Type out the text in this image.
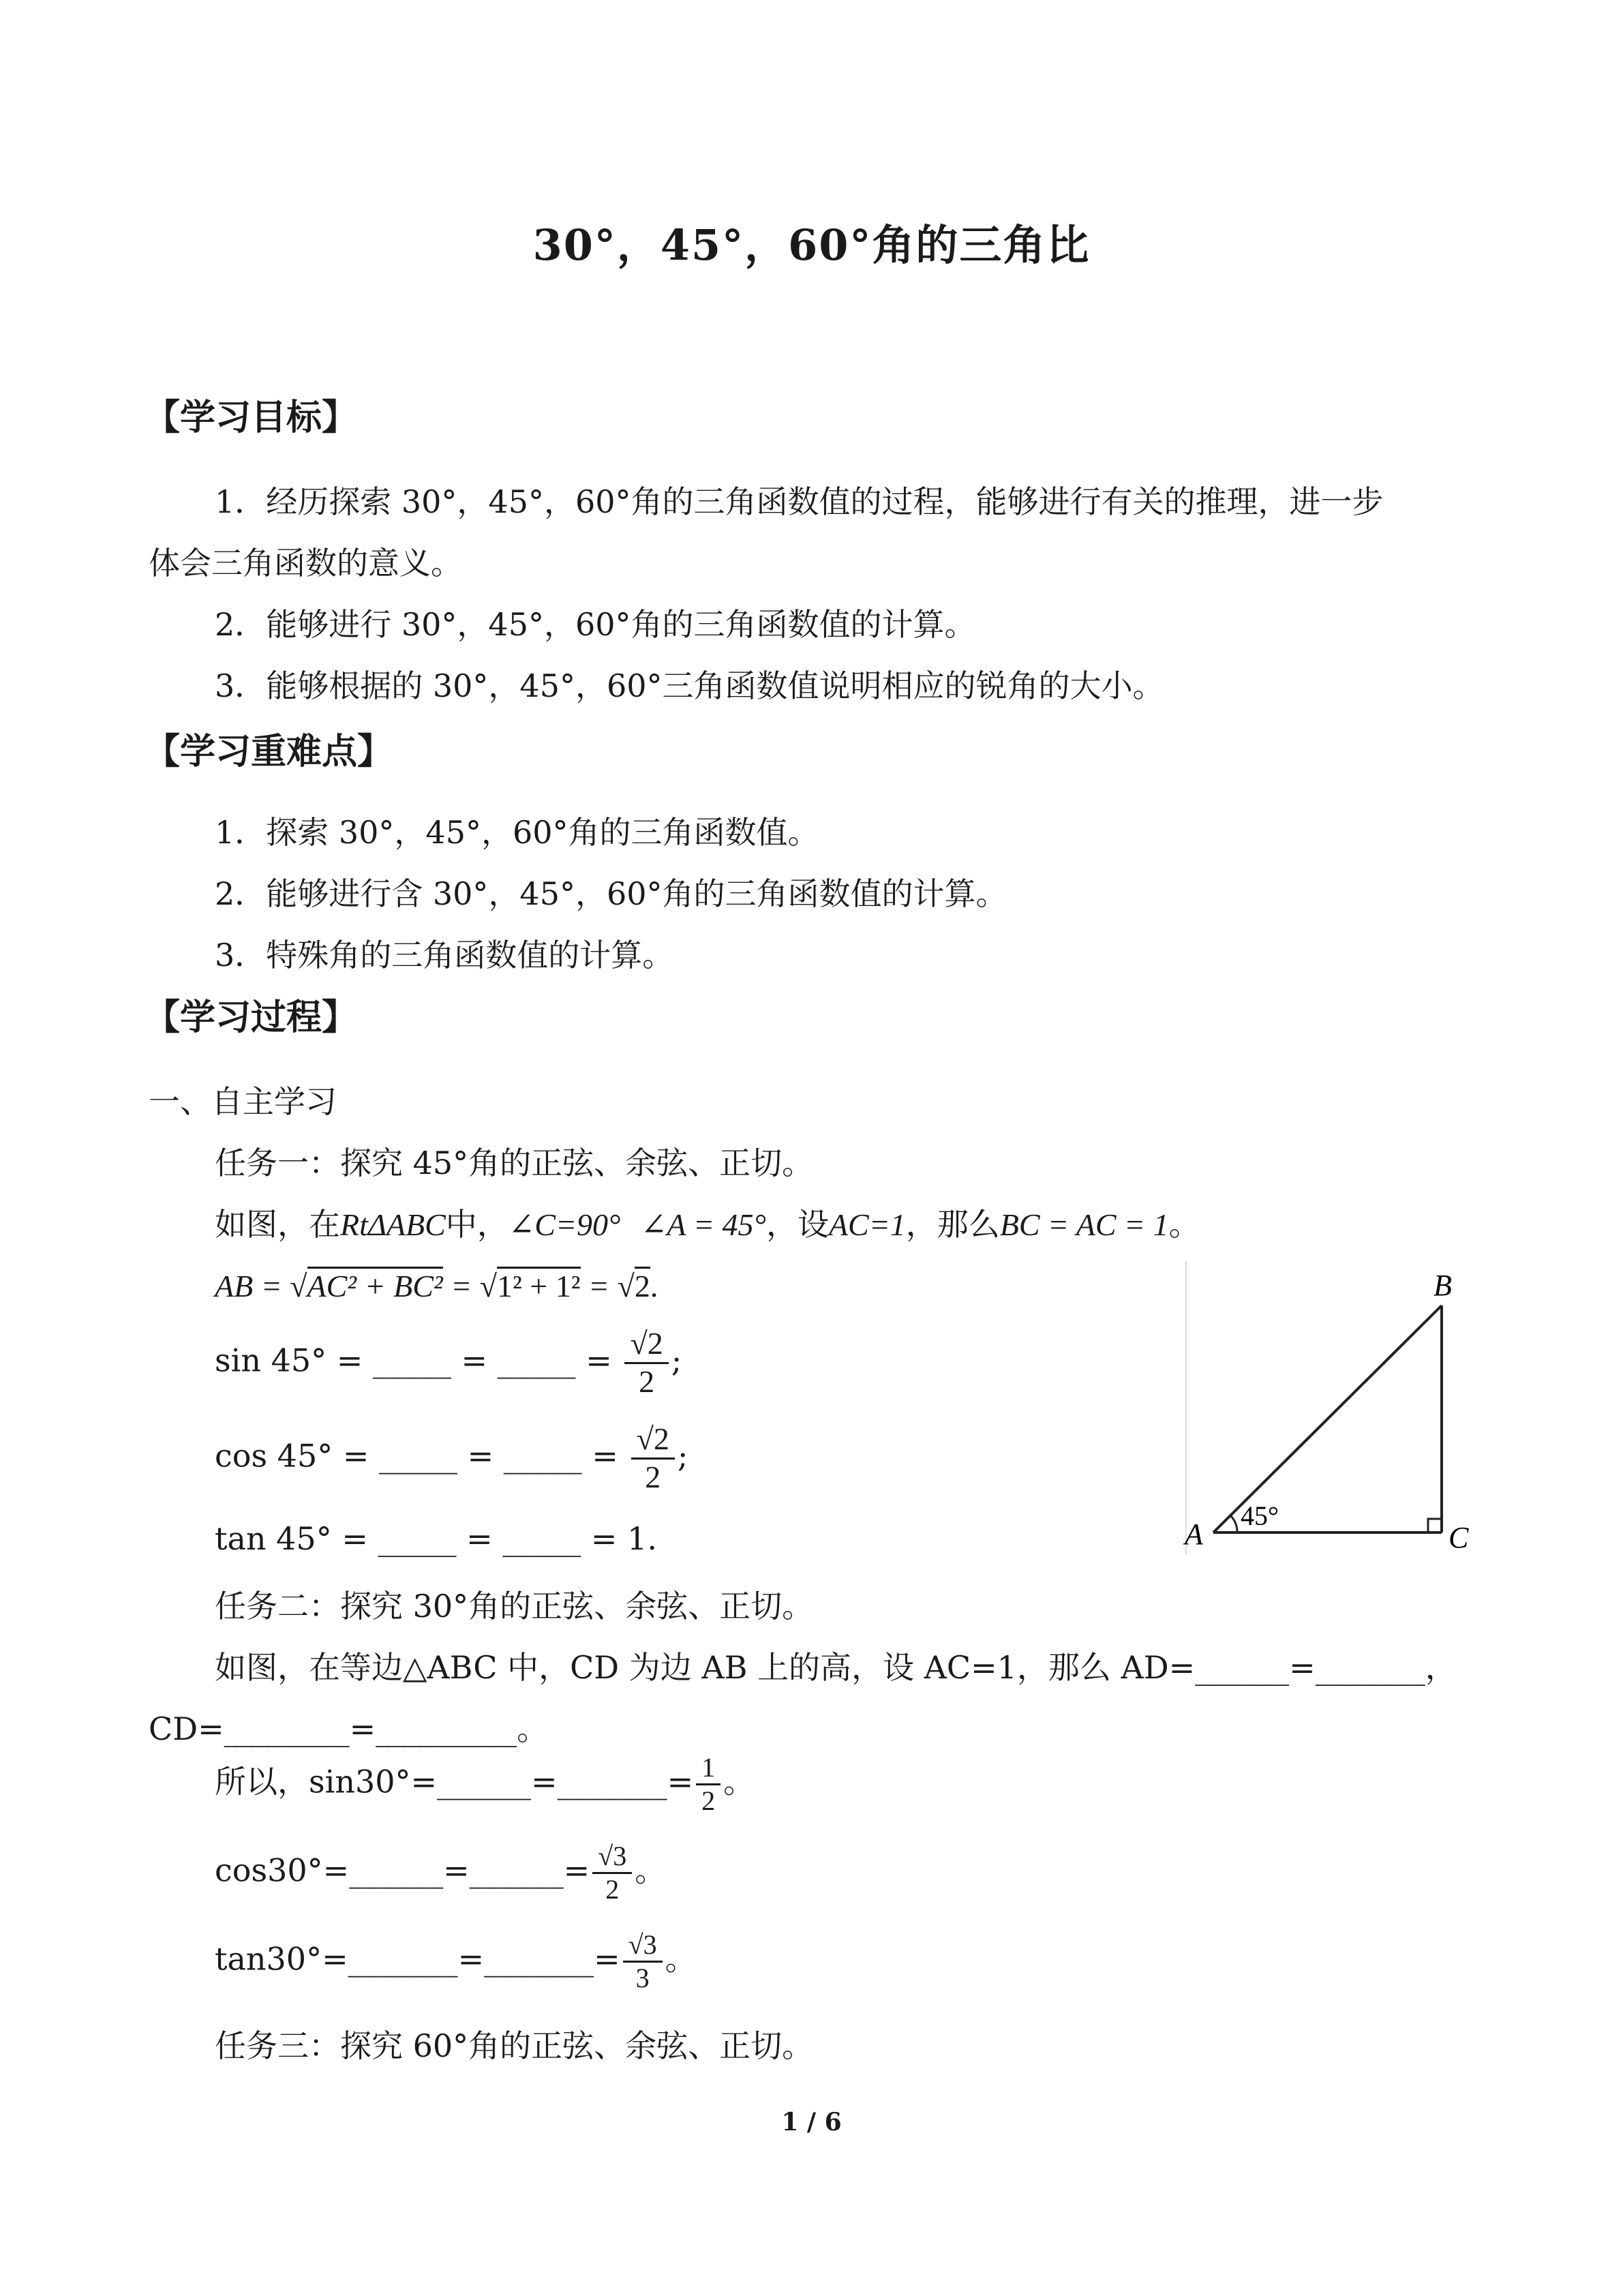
30°，45°，60°角的三角比
【学习目标】
1．经历探索 30°，45°，60°角的三角函数值的过程，能够进行有关的推理，进一步
体会三角函数的意义。
2．能够进行 30°，45°，60°角的三角函数值的计算。
3．能够根据的 30°，45°，60°三角函数值说明相应的锐角的大小。
【学习重难点】
1．探索 30°，45°，60°角的三角函数值。
2．能够进行含 30°，45°，60°角的三角函数值的计算。
3．特殊角的三角函数值的计算。
【学习过程】
一、自主学习
任务一：探究 45°角的正弦、余弦、正切。
如图，在RtΔABC中，∠C=90° ∠A = 45°，设AC=1，那么BC = AC = 1。
AB = √AC² + BC² = √1² + 1² = √2.
sin 45° = _____ = _____ = $\frac{√2}{2}$ ;
cos 45° = _____ = _____ = $\frac{√2}{2}$ ;
tan 45° = _____ = _____ = 1.
任务二：探究 30°角的正弦、余弦、正切。
如图，在等边△ABC 中，CD 为边 AB 上的高，设 AC=1，那么 AD=______=_______，
CD=________=_________。
所以，sin30°=______=_______= $\frac{1}{2}$ 。
cos30°=______=______= $\frac{√3}{2}$ 。
tan30°=_______=_______= $\frac{√3}{3}$ 。
任务三：探究 60°角的正弦、余弦、正切。
45°
A
B
C
1 / 6
